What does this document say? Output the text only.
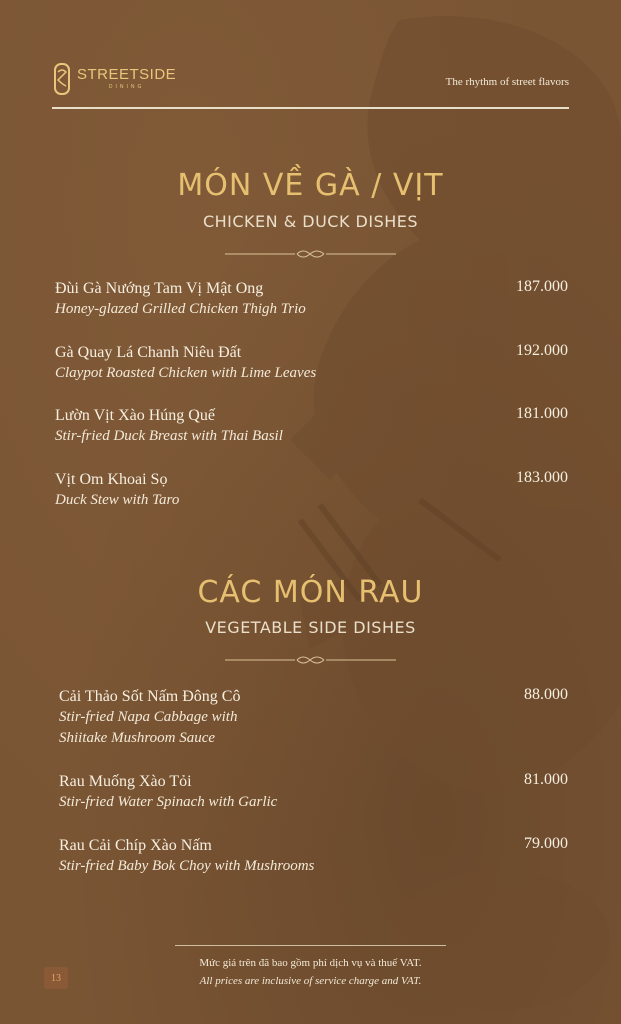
STREETSIDE
DINING	The rhythm of street flavors
MÓN VỀ GÀ / VỊT
CHICKEN & DUCK DISHES
Đùi Gà Nướng Tam Vị Mật Ong
Honey-glazed Grilled Chicken Thigh Trio
187.000
Gà Quay Lá Chanh Niêu Đất
Claypot Roasted Chicken with Lime Leaves
192.000
Lườn Vịt Xào Húng Quế
Stir-fried Duck Breast with Thai Basil
181.000
Vịt Om Khoai Sọ
Duck Stew with Taro
183.000
CÁC MÓN RAU
VEGETABLE SIDE DISHES
Cải Thảo Sốt Nấm Đông Cô
Stir-fried Napa Cabbage with
Shiitake Mushroom Sauce
88.000
Rau Muống Xào Tỏi
Stir-fried Water Spinach with Garlic
81.000
Rau Cải Chíp Xào Nấm
Stir-fried Baby Bok Choy with Mushrooms
79.000
Mức giá trên đã bao gồm phí dịch vụ và thuế VAT.
All prices are inclusive of service charge and VAT.
13
